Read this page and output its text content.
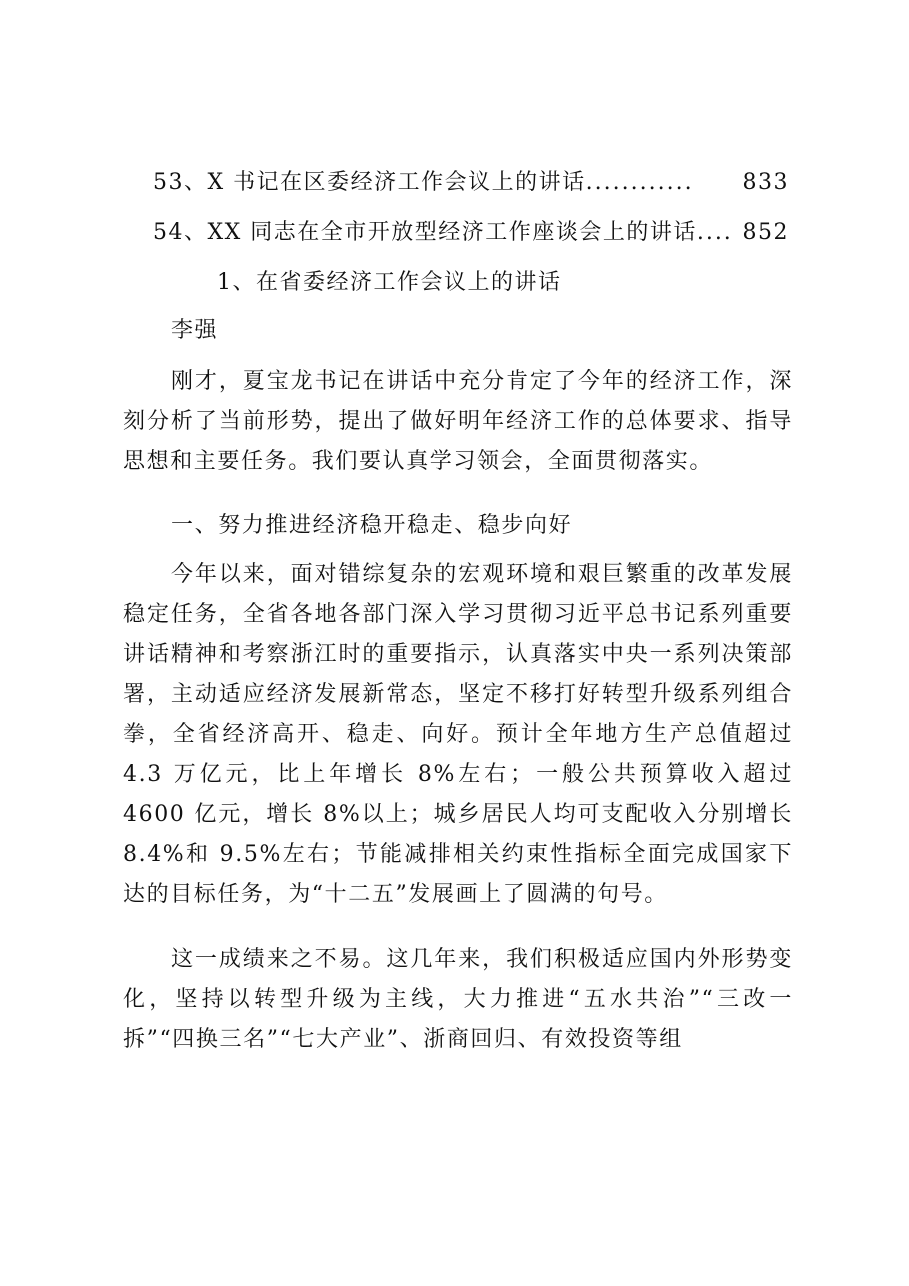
53、X 书记在区委经济工作会议上的讲话 ............	833
54、XX 同志在全市开放型经济工作座谈会上的讲话 .... 852
1、在省委经济工作会议上的讲话
李强

刚才，夏宝龙书记在讲话中充分肯定了今年的经济工作，深刻分析了当前形势，提出了做好明年经济工作的总体要求、指导思想和主要任务。我们要认真学习领会，全面贯彻落实。

一、努力推进经济稳开稳走、稳步向好

今年以来，面对错综复杂的宏观环境和艰巨繁重的改革发展稳定任务，全省各地各部门深入学习贯彻习近平总书记系列重要讲话精神和考察浙江时的重要指示，认真落实中央一系列决策部署，主动适应经济发展新常态，坚定不移打好转型升级系列组合拳，全省经济高开、稳走、向好。预计全年地方生产总值超过 4.3 万亿元，比上年增长 8%左右；一般公共预算收入超过 4600 亿元，增长 8%以上；城乡居民人均可支配收入分别增长 8.4%和 9.5%左右；节能减排相关约束性指标全面完成国家下达的目标任务，为“十二五”发展画上了圆满的句号。

这一成绩来之不易。这几年来，我们积极适应国内外形势变化，坚持以转型升级为主线，大力推进“五水共治”“三改一拆”“四换三名”“七大产业”、浙商回归、有效投资等组
